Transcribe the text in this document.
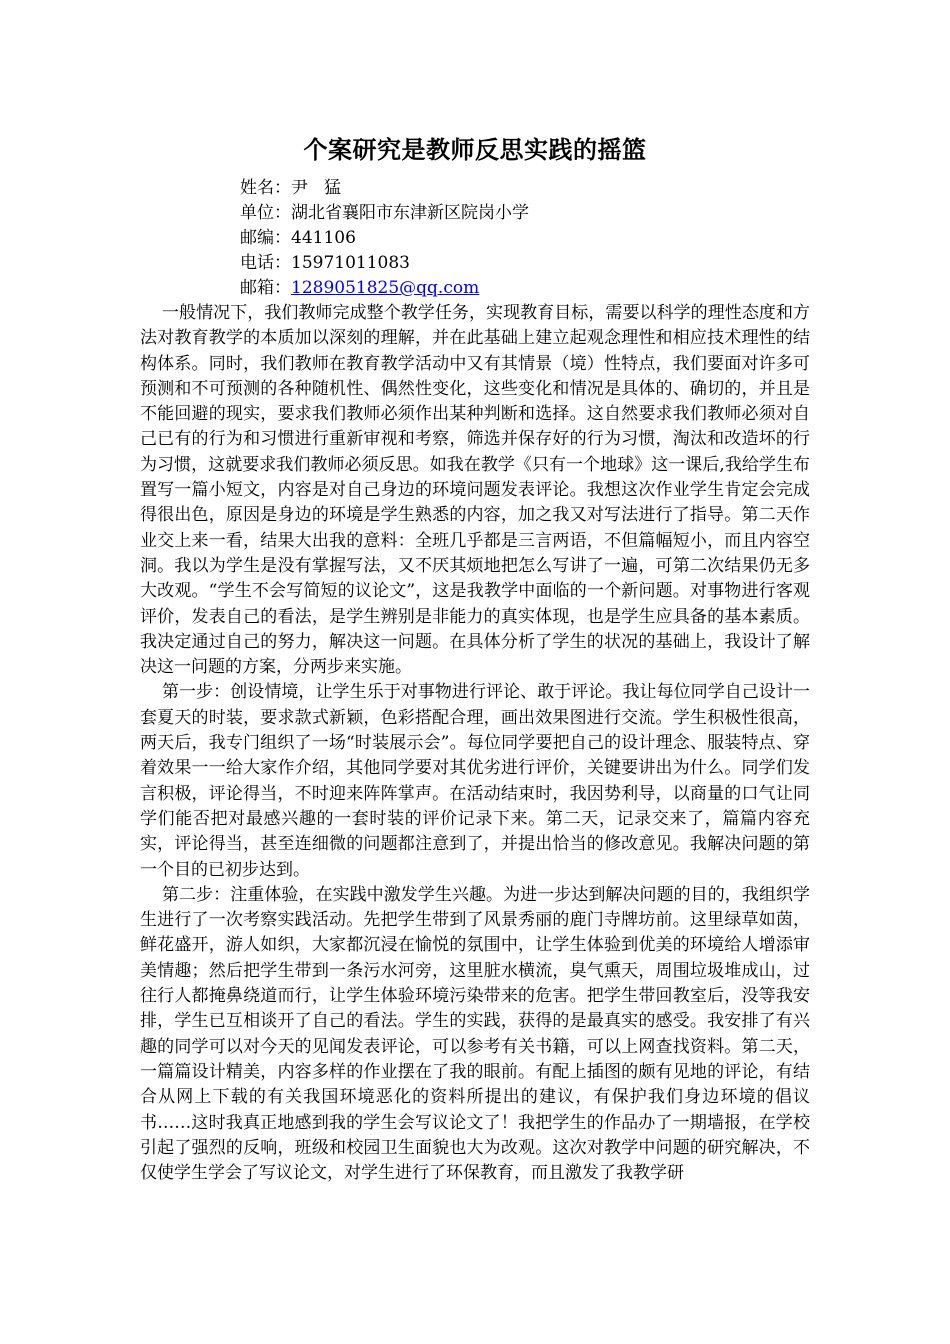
个案研究是教师反思实践的摇篮
姓名：尹猛
单位：湖北省襄阳市东津新区院岗小学
邮编：441106
电话：15971011083
邮箱：1289051825@qq.com

一般情况下，我们教师完成整个教学任务，实现教育目标，需要以科学的理性态度和方法对教育教学的本质加以深刻的理解，并在此基础上建立起观念理性和相应技术理性的结构体系。同时，我们教师在教育教学活动中又有其情景（境）性特点，我们要面对许多可预测和不可预测的各种随机性、偶然性变化，这些变化和情况是具体的、确切的，并且是不能回避的现实，要求我们教师必须作出某种判断和选择。这自然要求我们教师必须对自己已有的行为和习惯进行重新审视和考察，筛选并保存好的行为习惯，淘汰和改造坏的行为习惯，这就要求我们教师必须反思。如我在教学《只有一个地球》这一课后,我给学生布置写一篇小短文，内容是对自己身边的环境问题发表评论。我想这次作业学生肯定会完成得很出色，原因是身边的环境是学生熟悉的内容，加之我又对写法进行了指导。第二天作业交上来一看，结果大出我的意料：全班几乎都是三言两语，不但篇幅短小，而且内容空洞。我以为学生是没有掌握写法，又不厌其烦地把怎么写讲了一遍，可第二次结果仍无多大改观。“学生不会写简短的议论文”，这是我教学中面临的一个新问题。对事物进行客观评价，发表自己的看法，是学生辨别是非能力的真实体现，也是学生应具备的基本素质。我决定通过自己的努力，解决这一问题。在具体分析了学生的状况的基础上，我设计了解决这一问题的方案，分两步来实施。

第一步：创设情境，让学生乐于对事物进行评论、敢于评论。我让每位同学自己设计一套夏天的时装，要求款式新颖，色彩搭配合理，画出效果图进行交流。学生积极性很高，两天后，我专门组织了一场“时装展示会”。每位同学要把自己的设计理念、服装特点、穿着效果一一给大家作介绍，其他同学要对其优劣进行评价，关键要讲出为什么。同学们发言积极，评论得当，不时迎来阵阵掌声。在活动结束时，我因势利导，以商量的口气让同学们能否把对最感兴趣的一套时装的评价记录下来。第二天，记录交来了，篇篇内容充实，评论得当，甚至连细微的问题都注意到了，并提出恰当的修改意见。我解决问题的第一个目的已初步达到。

第二步：注重体验，在实践中激发学生兴趣。为进一步达到解决问题的目的，我组织学生进行了一次考察实践活动。先把学生带到了风景秀丽的鹿门寺牌坊前。这里绿草如茵，鲜花盛开，游人如织，大家都沉浸在愉悦的氛围中，让学生体验到优美的环境给人增添审美情趣；然后把学生带到一条污水河旁，这里脏水横流，臭气熏天，周围垃圾堆成山，过往行人都掩鼻绕道而行，让学生体验环境污染带来的危害。把学生带回教室后，没等我安排，学生已互相谈开了自己的看法。学生的实践，获得的是最真实的感受。我安排了有兴趣的同学可以对今天的见闻发表评论，可以参考有关书籍，可以上网查找资料。第二天，一篇篇设计精美，内容多样的作业摆在了我的眼前。有配上插图的颇有见地的评论，有结合从网上下载的有关我国环境恶化的资料所提出的建议，有保护我们身边环境的倡议书……这时我真正地感到我的学生会写议论文了！我把学生的作品办了一期墙报，在学校引起了强烈的反响，班级和校园卫生面貌也大为改观。这次对教学中问题的研究解决，不仅使学生学会了写议论文，对学生进行了环保教育，而且激发了我教学研
